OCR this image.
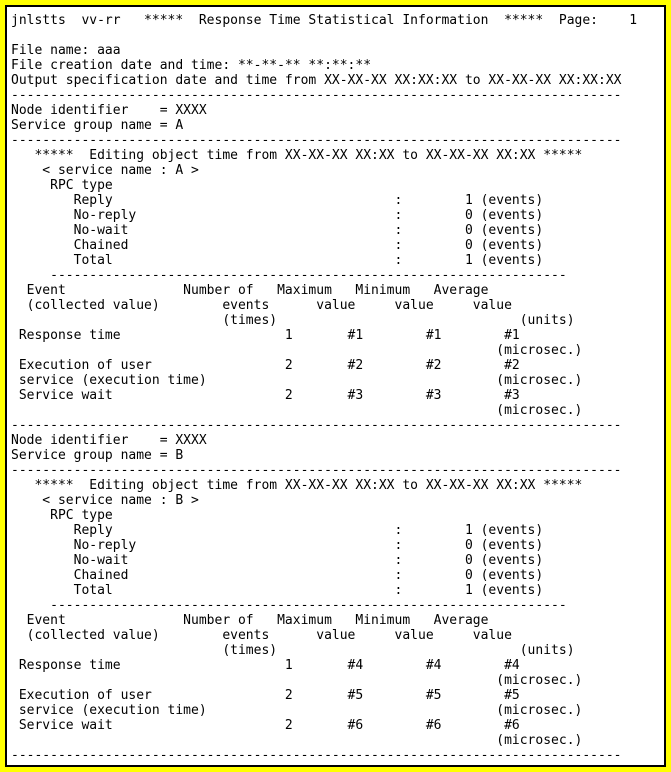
jnlstts  vv-rr   *****  Response Time Statistical Information  *****  Page:    1
File name: aaa
File creation date and time: **-**-** **:**:**
Output specification date and time from XX-XX-XX XX:XX:XX to XX-XX-XX XX:XX:XX
------------------------------------------------------------------------------
Node identifier    = XXXX
Service group name = A
------------------------------------------------------------------------------
*****  Editing object time from XX-XX-XX XX:XX to XX-XX-XX XX:XX *****
< service name : A >
RPC type
Reply                                    :        1 (events)
No-reply                                 :        0 (events)
No-wait                                  :        0 (events)
Chained                                  :        0 (events)
Total                                    :        1 (events)
------------------------------------------------------------------
Event               Number of   Maximum   Minimum   Average
(collected value)        events      value     value     value
(times)                               (units)
Response time                     1       #1        #1        #1
(microsec.)
Execution of user                 2       #2        #2        #2
service (execution time)                                     (microsec.)
Service wait                      2       #3        #3        #3
(microsec.)
------------------------------------------------------------------------------
Node identifier    = XXXX
Service group name = B
------------------------------------------------------------------------------
*****  Editing object time from XX-XX-XX XX:XX to XX-XX-XX XX:XX *****
< service name : B >
RPC type
Reply                                    :        1 (events)
No-reply                                 :        0 (events)
No-wait                                  :        0 (events)
Chained                                  :        0 (events)
Total                                    :        1 (events)
------------------------------------------------------------------
Event               Number of   Maximum   Minimum   Average
(collected value)        events      value     value     value
(times)                               (units)
Response time                     1       #4        #4        #4
(microsec.)
Execution of user                 2       #5        #5        #5
service (execution time)                                     (microsec.)
Service wait                      2       #6        #6        #6
(microsec.)
------------------------------------------------------------------------------
